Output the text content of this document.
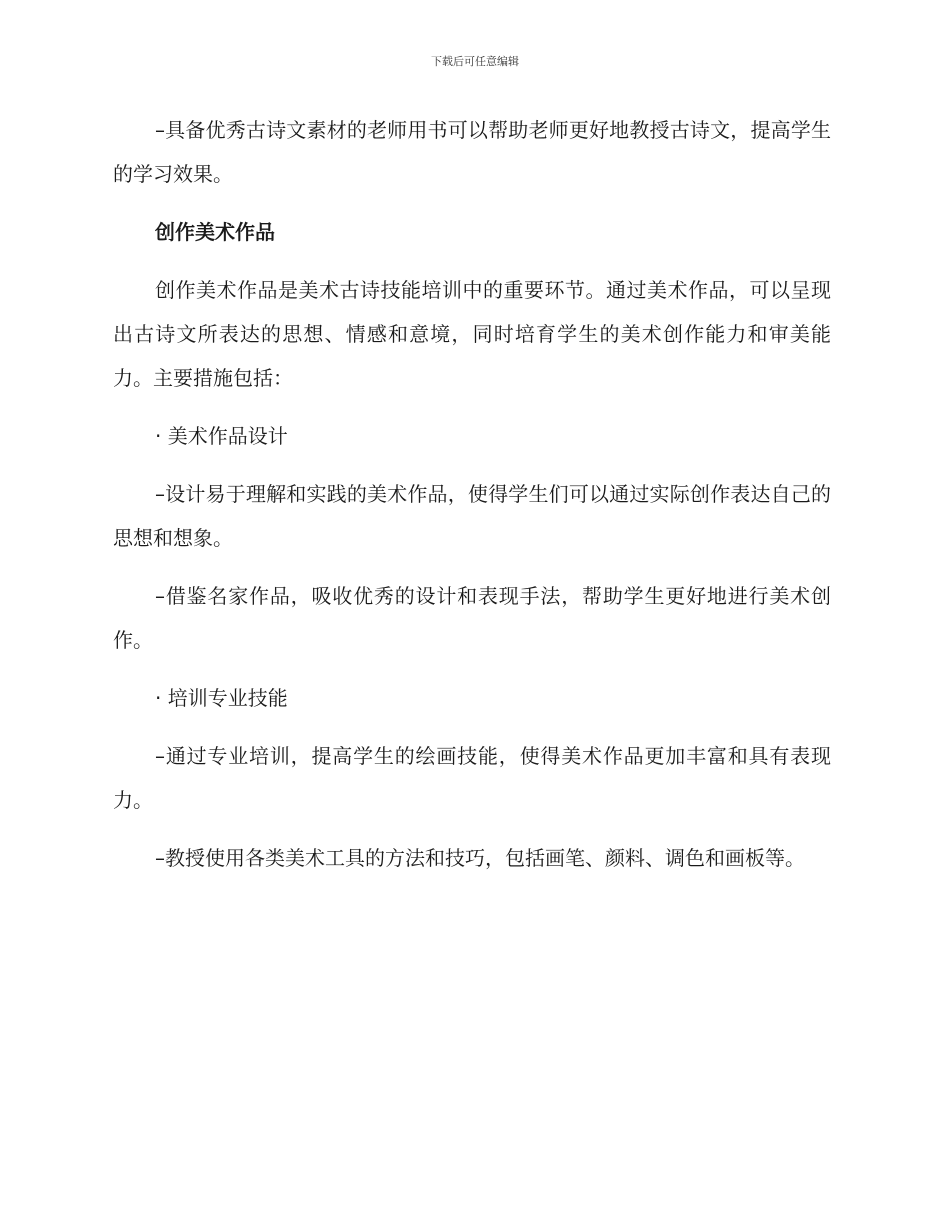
下载后可任意编辑

–具备优秀古诗文素材的老师用书可以帮助老师更好地教授古诗文，提高学生的学习效果。

创作美术作品

创作美术作品是美术古诗技能培训中的重要环节。通过美术作品，可以呈现出古诗文所表达的思想、情感和意境，同时培育学生的美术创作能力和审美能力。主要措施包括：

· 美术作品设计

–设计易于理解和实践的美术作品，使得学生们可以通过实际创作表达自己的思想和想象。

–借鉴名家作品，吸收优秀的设计和表现手法，帮助学生更好地进行美术创作。

· 培训专业技能

–通过专业培训，提高学生的绘画技能，使得美术作品更加丰富和具有表现力。

–教授使用各类美术工具的方法和技巧，包括画笔、颜料、调色和画板等。
